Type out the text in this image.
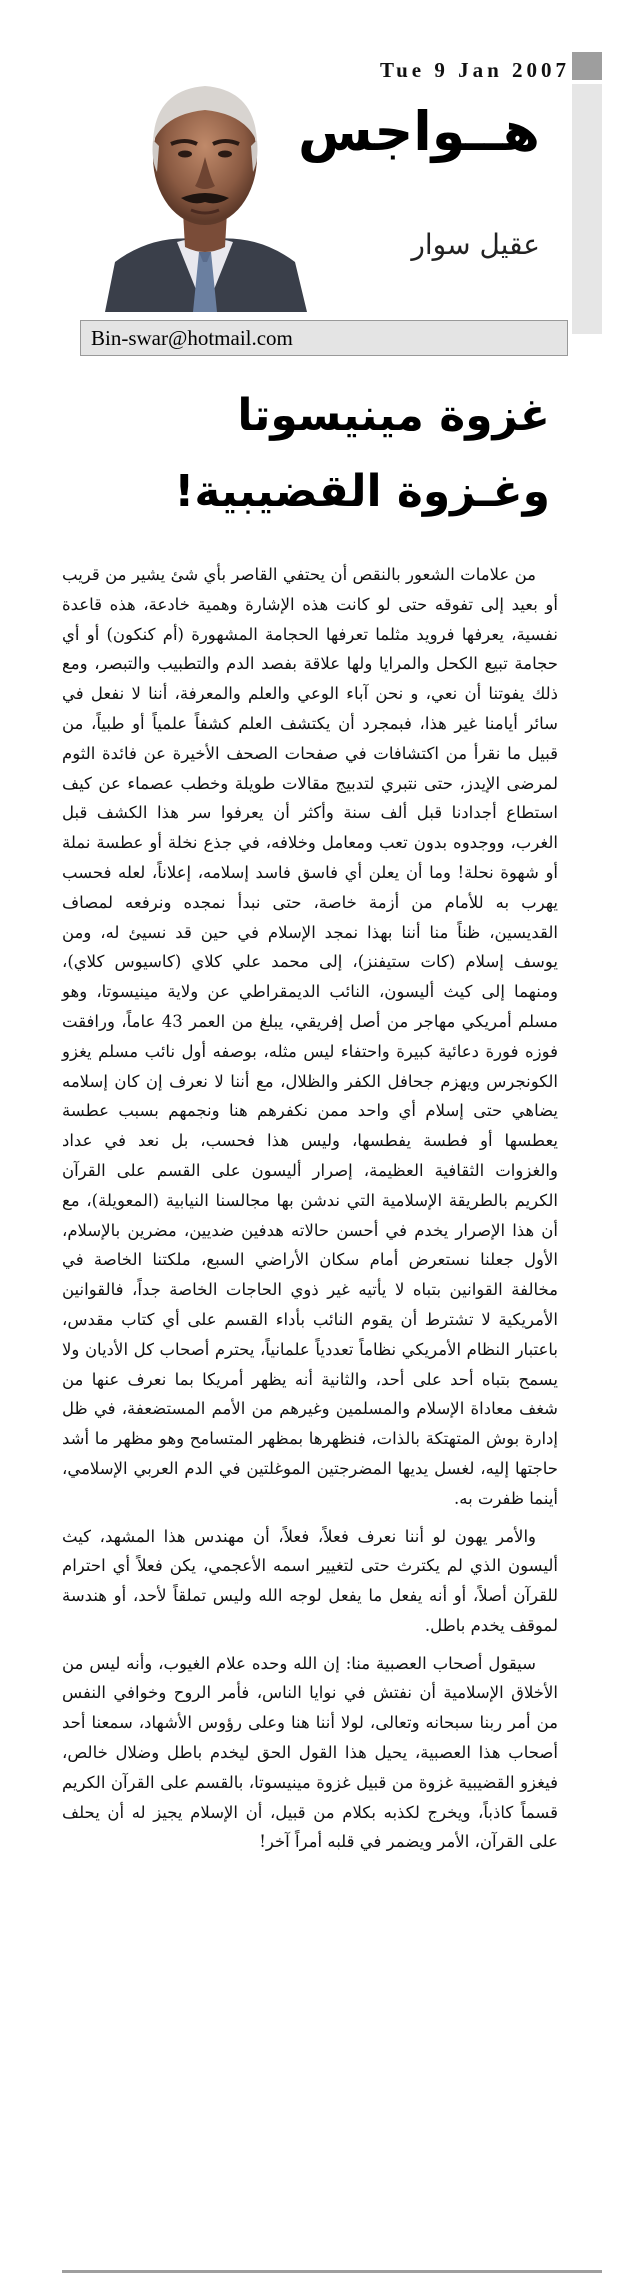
Tue 9 Jan 2007
هــواجس
عقيل سوار
Bin-swar@hotmail.com
غزوة مينيسوتا
وغـزوة القضيبية!

من علامات الشعور بالنقص أن يحتفي القاصر بأي شئ يشير من قريب أو بعيد إلى تفوقه حتى لو كانت هذه الإشارة وهمية خادعة، هذه قاعدة نفسية، يعرفها فرويد مثلما تعرفها الحجامة المشهورة (أم كنكون) أو أي حجامة تبيع الكحل والمرايا ولها علاقة بفصد الدم والتطبيب والتبصر، ومع ذلك يفوتنا أن نعي، و نحن آباء الوعي والعلم والمعرفة، أننا لا نفعل في سائر أيامنا غير هذا، فبمجرد أن يكتشف العلم كشفاً علمياً أو طبياً، من قبيل ما نقرأ من اكتشافات في صفحات الصحف الأخيرة عن فائدة الثوم لمرضى الإيدز، حتى نتبري لتدبيج مقالات طويلة وخطب عصماء عن كيف استطاع أجدادنا قبل ألف سنة وأكثر أن يعرفوا سر هذا الكشف قبل الغرب، ووجدوه بدون تعب ومعامل وخلافه، في جذع نخلة أو عطسة نملة أو شهوة نحلة! وما أن يعلن أي فاسق فاسد إسلامه، إعلاناً، لعله فحسب يهرب به للأمام من أزمة خاصة، حتى نبدأ نمجده ونرفعه لمصاف القديسين، ظناً منا أننا بهذا نمجد الإسلام في حين قد نسيئ له، ومن يوسف إسلام (كات ستيفنز)، إلى محمد علي كلاي (كاسيوس كلاي)، ومنهما إلى كيث أليسون، النائب الديمقراطي عن ولاية مينيسوتا، وهو مسلم أمريكي مهاجر من أصل إفريقي، يبلغ من العمر 43 عاماً، ورافقت فوزه فورة دعائية كبيرة واحتفاء ليس مثله، بوصفه أول نائب مسلم يغزو الكونجرس ويهزم جحافل الكفر والظلال، مع أننا لا نعرف إن كان إسلامه يضاهي حتى إسلام أي واحد ممن نكفرهم هنا ونجمهم بسبب عطسة يعطسها أو فطسة يفطسها، وليس هذا فحسب، بل نعد في عداد والغزوات الثقافية العظيمة، إصرار أليسون على القسم على القرآن الكريم بالطريقة الإسلامية التي ندشن بها مجالسنا النيابية (المعويلة)، مع أن هذا الإصرار يخدم في أحسن حالاته هدفين ضديين، مضرين بالإسلام، الأول جعلنا نستعرض أمام سكان الأراضي السبع، ملكتنا الخاصة في مخالفة القوانين بتباه لا يأتيه غير ذوي الحاجات الخاصة جداً، فالقوانين الأمريكية لا تشترط أن يقوم النائب بأداء القسم على أي كتاب مقدس، باعتبار النظام الأمريكي نظاماً تعددياً علمانياً، يحترم أصحاب كل الأديان ولا يسمح بتباه أحد على أحد، والثانية أنه يظهر أمريكا بما نعرف عنها من شغف معاداة الإسلام والمسلمين وغيرهم من الأمم المستضعفة، في ظل إدارة بوش المتهتكة بالذات، فنظهرها بمظهر المتسامح وهو مظهر ما أشد حاجتها إليه، لغسل يديها المضرجتين الموغلتين في الدم العربي الإسلامي، أينما ظفرت به.

والأمر يهون لو أننا نعرف فعلاً، فعلاً، أن مهندس هذا المشهد، كيث أليسون الذي لم يكترث حتى لتغيير اسمه الأعجمي، يكن فعلاً أي احترام للقرآن أصلاً، أو أنه يفعل ما يفعل لوجه الله وليس تملقاً لأحد، أو هندسة لموقف يخدم باطل.

سيقول أصحاب العصبية منا: إن الله وحده علام الغيوب، وأنه ليس من الأخلاق الإسلامية أن نفتش في نوايا الناس، فأمر الروح وخوافي النفس من أمر ربنا سبحانه وتعالى، لولا أننا هنا وعلى رؤوس الأشهاد، سمعنا أحد أصحاب هذا العصبية، يحيل هذا القول الحق ليخدم باطل وضلال خالص، فيغزو القضيبية غزوة من قبيل غزوة مينيسوتا، بالقسم على القرآن الكريم قسماً كاذباً، ويخرج لكذبه بكلام من قبيل، أن الإسلام يجيز له أن يحلف على القرآن، الأمر ويضمر في قلبه أمراً آخر!
